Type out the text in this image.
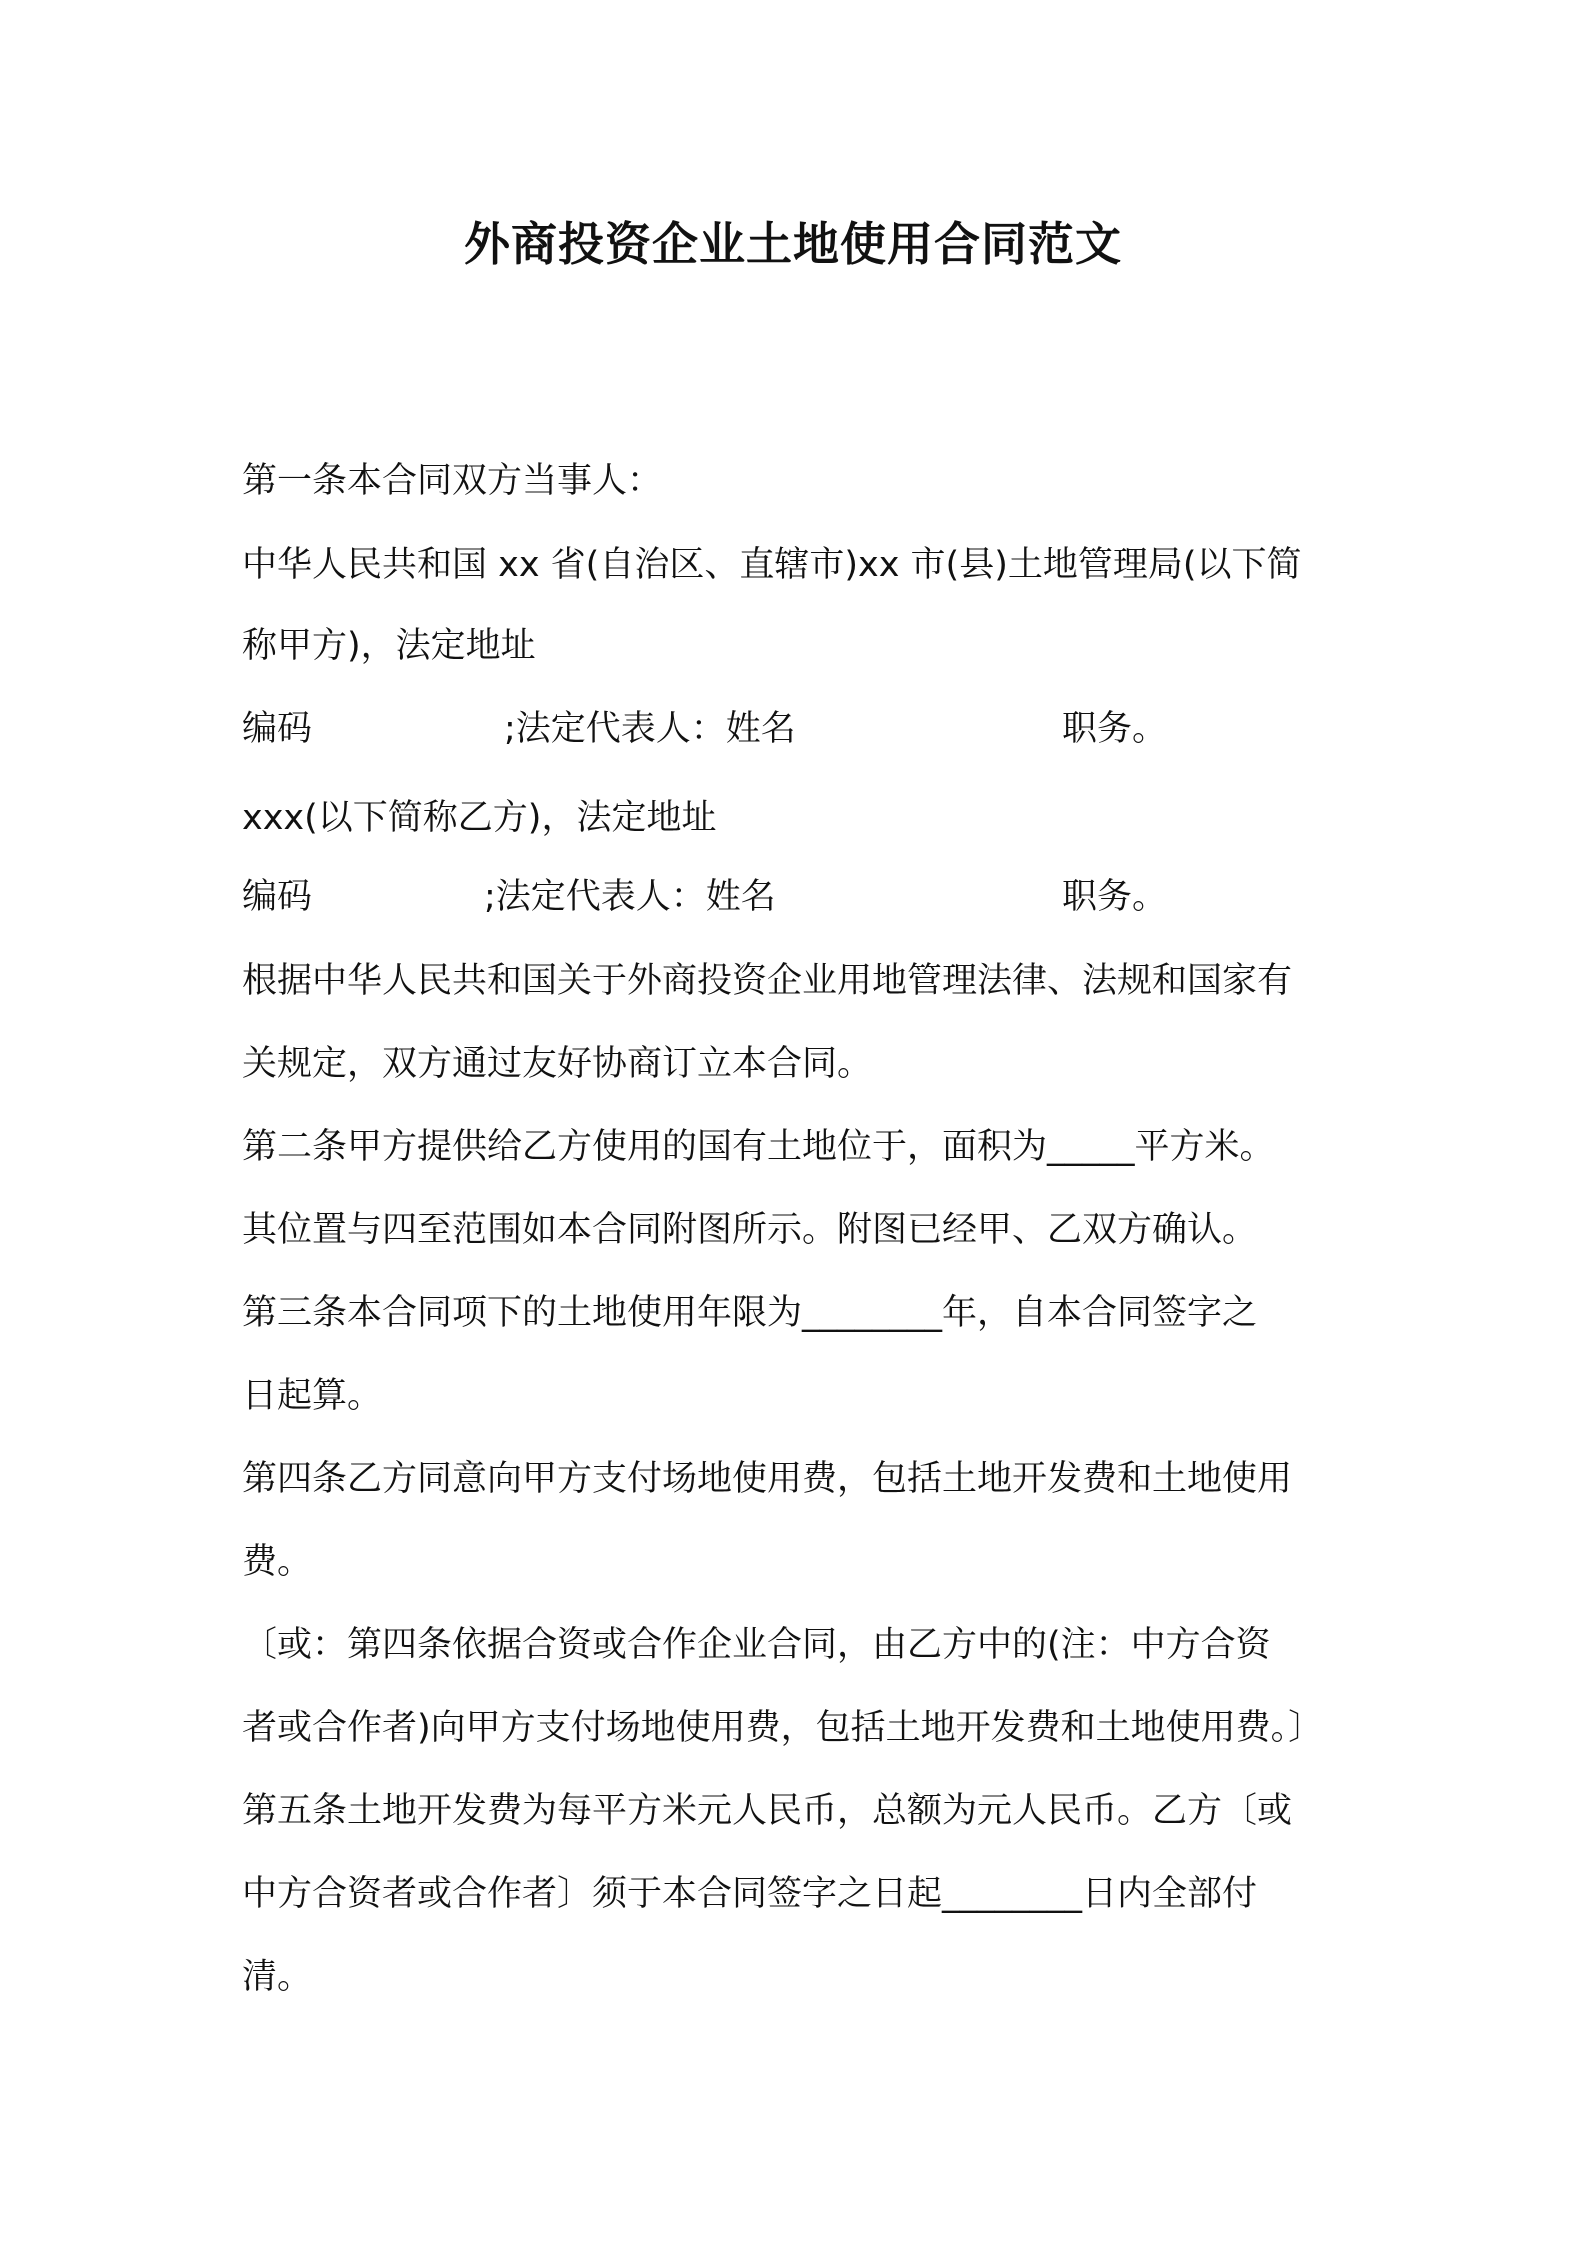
外商投资企业土地使用合同范文
第一条本合同双方当事人：
中华人民共和国 xx 省(自治区、直辖市)xx 市(县)土地管理局(以下简
称甲方)，法定地址
编码	;法定代表人：姓名	职务。
xxx(以下简称乙方)，法定地址
编码	;法定代表人：姓名	职务。
根据中华人民共和国关于外商投资企业用地管理法律、法规和国家有
关规定，双方通过友好协商订立本合同。
第二条甲方提供给乙方使用的国有土地位于，面积为_____平方米。
其位置与四至范围如本合同附图所示。附图已经甲、乙双方确认。
第三条本合同项下的土地使用年限为________年，自本合同签字之
日起算。
第四条乙方同意向甲方支付场地使用费，包括土地开发费和土地使用
费。
〔或：第四条依据合资或合作企业合同，由乙方中的(注：中方合资
者或合作者)向甲方支付场地使用费，包括土地开发费和土地使用费。〕
第五条土地开发费为每平方米元人民币，总额为元人民币。乙方〔或
中方合资者或合作者〕须于本合同签字之日起________日内全部付
清。
